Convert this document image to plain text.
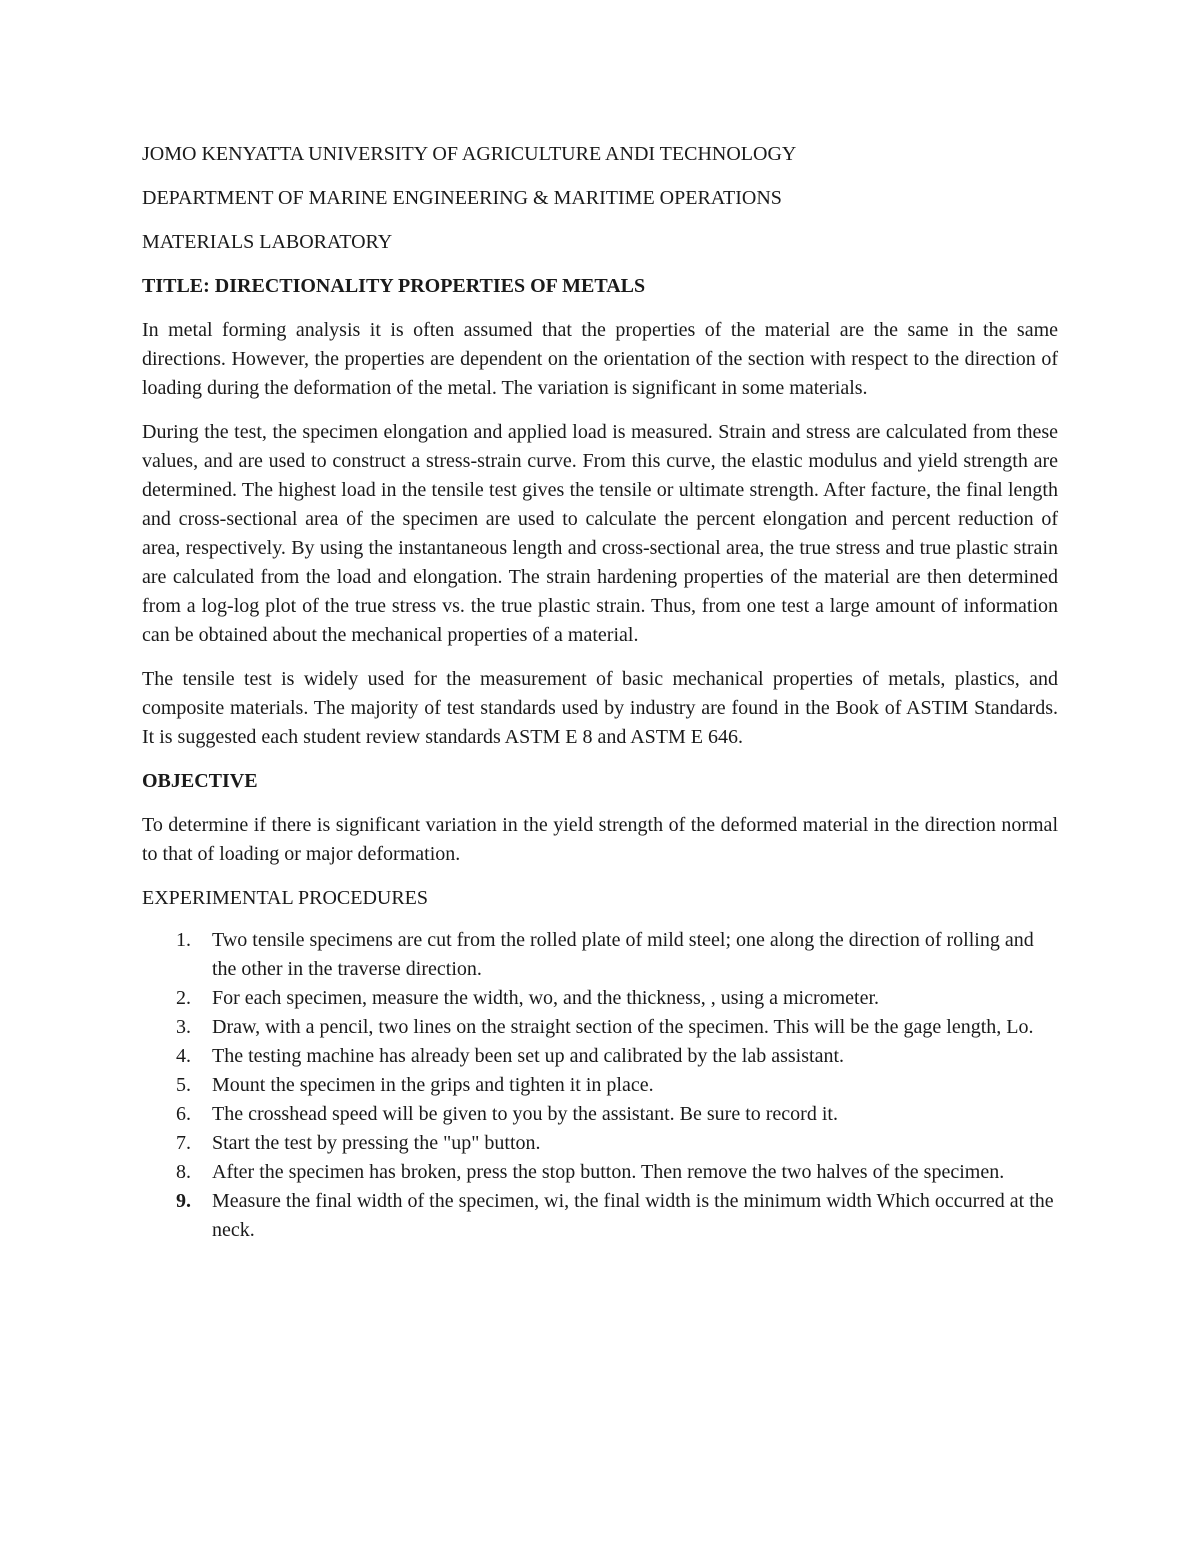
JOMO KENYATTA UNIVERSITY OF AGRICULTURE ANDI TECHNOLOGY

DEPARTMENT OF MARINE ENGINEERING & MARITIME OPERATIONS

MATERIALS LABORATORY

TITLE: DIRECTIONALITY PROPERTIES OF METALS

In metal forming analysis it is often assumed that the properties of the material are the same in the same directions. However, the properties are dependent on the orientation of the section with respect to the direction of loading during the deformation of the metal. The variation is significant in some materials.

During the test, the specimen elongation and applied load is measured. Strain and stress are calculated from these values, and are used to construct a stress-strain curve. From this curve, the elastic modulus and yield strength are determined. The highest load in the tensile test gives the tensile or ultimate strength. After facture, the final length and cross-sectional area of the specimen are used to calculate the percent elongation and percent reduction of area, respectively. By using the instantaneous length and cross-sectional area, the true stress and true plastic strain are calculated from the load and elongation. The strain hardening properties of the material are then determined from a log-log plot of the true stress vs. the true plastic strain. Thus, from one test a large amount of information can be obtained about the mechanical properties of a material.

The tensile test is widely used for the measurement of basic mechanical properties of metals, plastics, and composite materials. The majority of test standards used by industry are found in the Book of ASTIM Standards. It is suggested each student review standards ASTM E 8 and ASTM E 646.

OBJECTIVE

To determine if there is significant variation in the yield strength of the deformed material in the direction normal to that of loading or major deformation.

EXPERIMENTAL PROCEDURES

1. Two tensile specimens are cut from the rolled plate of mild steel; one along the direction of rolling and the other in the traverse direction.
2. For each specimen, measure the width, wo, and the thickness, , using a micrometer.
3. Draw, with a pencil, two lines on the straight section of the specimen. This will be the gage length, Lo.
4. The testing machine has already been set up and calibrated by the lab assistant.
5. Mount the specimen in the grips and tighten it in place.
6. The crosshead speed will be given to you by the assistant. Be sure to record it.
7. Start the test by pressing the "up" button.
8. After the specimen has broken, press the stop button. Then remove the two halves of the specimen.
9. Measure the final width of the specimen, wi, the final width is the minimum width Which occurred at the neck.
